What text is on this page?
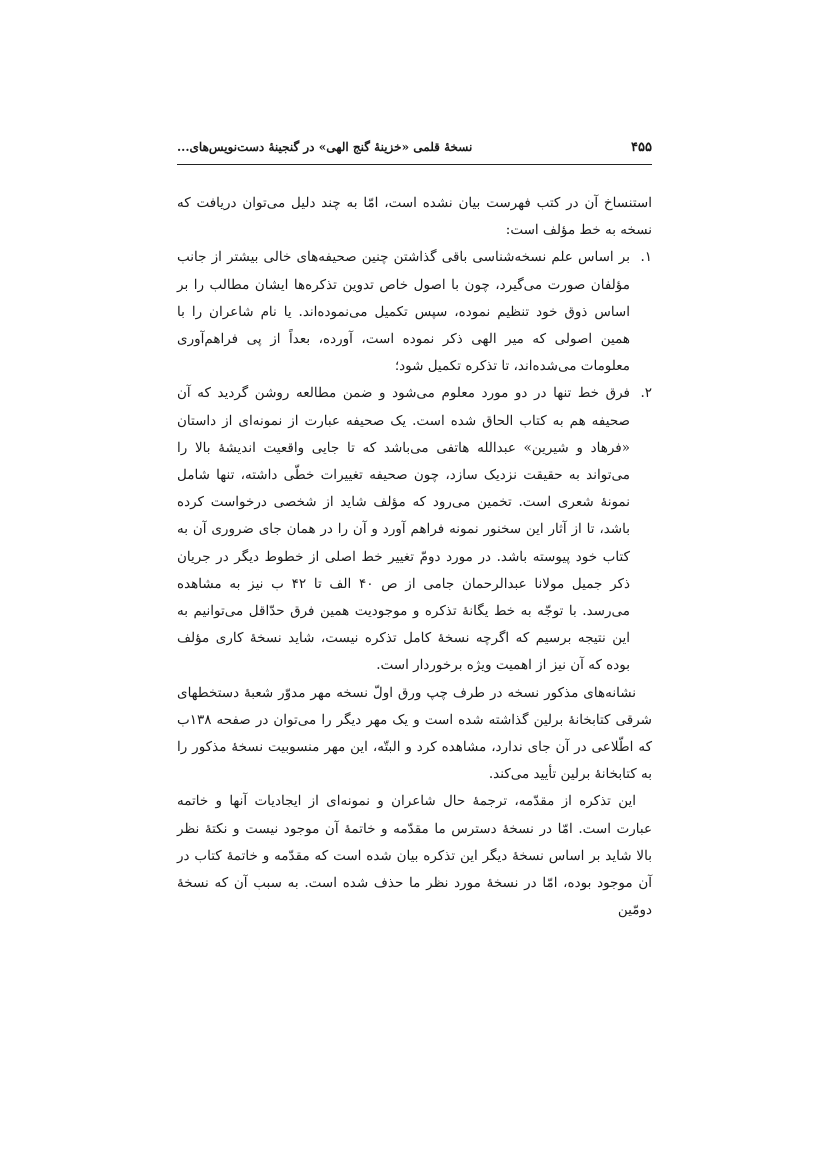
۴۵۵
نسخهٔ قلمی «خزینهٔ گنج الهی» در گنجینهٔ دست‌نویس‌های...

استنساخ آن در کتب فهرست بیان نشده است، امّا به چند دلیل می‌توان دریافت که نسخه به خط مؤلف است:

۱.

بر اساس علم نسخه‌شناسی باقی گذاشتن چنین صحیفه‌های خالی بیشتر از جانب مؤلفان صورت می‌گیرد، چون با اصول خاص تدوین تذکره‌ها ایشان مطالب را بر اساس ذوق خود تنظیم نموده، سپس تکمیل می‌نموده‌اند. یا نام شاعران را با همین اصولی که میر الهی ذکر نموده است، آورده، بعداً از پی فراهم‌آوری معلومات می‌شده‌اند، تا تذکره تکمیل شود؛

۲.

فرق خط تنها در دو مورد معلوم می‌شود و ضمن مطالعه روشن گردید که آن صحیفه هم به کتاب الحاق شده است. یک صحیفه عبارت از نمونه‌ای از داستان «فرهاد و شیرین» عبدالله هاتفی می‌باشد که تا جایی واقعیت اندیشهٔ بالا را می‌تواند به حقیقت نزدیک سازد، چون صحیفه تغییرات خطّی داشته، تنها شامل نمونهٔ شعری است. تخمین می‌رود که مؤلف شاید از شخصی درخواست کرده باشد، تا از آثار این سخنور نمونه فراهم آورد و آن را در همان جای ضروری آن به کتاب خود پیوسته باشد. در مورد دومّ تغییر خط اصلی از خطوط دیگر در جریان ذکر جمیل مولانا عبدالرحمان جامی از ص ۴۰ الف تا ۴۲ ب نیز به مشاهده می‌رسد. با توجّه به خط یگانهٔ تذکره و موجودیت همین فرق حدّاقل می‌توانیم به این نتیجه برسیم که اگرچه نسخهٔ کامل تذکره نیست، شاید نسخهٔ کاری مؤلف بوده که آن نیز از اهمیت ویژه برخوردار است.

نشانه‌های مذکور نسخه در طرف چپ ورق اولّ نسخه مهر مدوّر شعبهٔ دستخطهای شرقی کتابخانهٔ برلین گذاشته شده است و یک مهر دیگر را می‌توان در صفحه ۱۳۸ب که اطّلاعی در آن جای ندارد، مشاهده کرد و البتّه، این مهر منسوبیت نسخهٔ مذکور را به کتابخانهٔ برلین تأیید می‌کند.

این تذکره از مقدّمه، ترجمهٔ حال شاعران و نمونه‌ای از ایجادیات آنها و خاتمه عبارت است. امّا در نسخهٔ دسترس ما مقدّمه و خاتمهٔ آن موجود نیست و نکتهٔ نظر بالا شاید بر اساس نسخهٔ دیگر این تذکره بیان شده است که مقدّمه و خاتمهٔ کتاب در آن موجود بوده، امّا در نسخهٔ مورد نظر ما حذف شده است. به سبب آن که نسخهٔ دومّین
